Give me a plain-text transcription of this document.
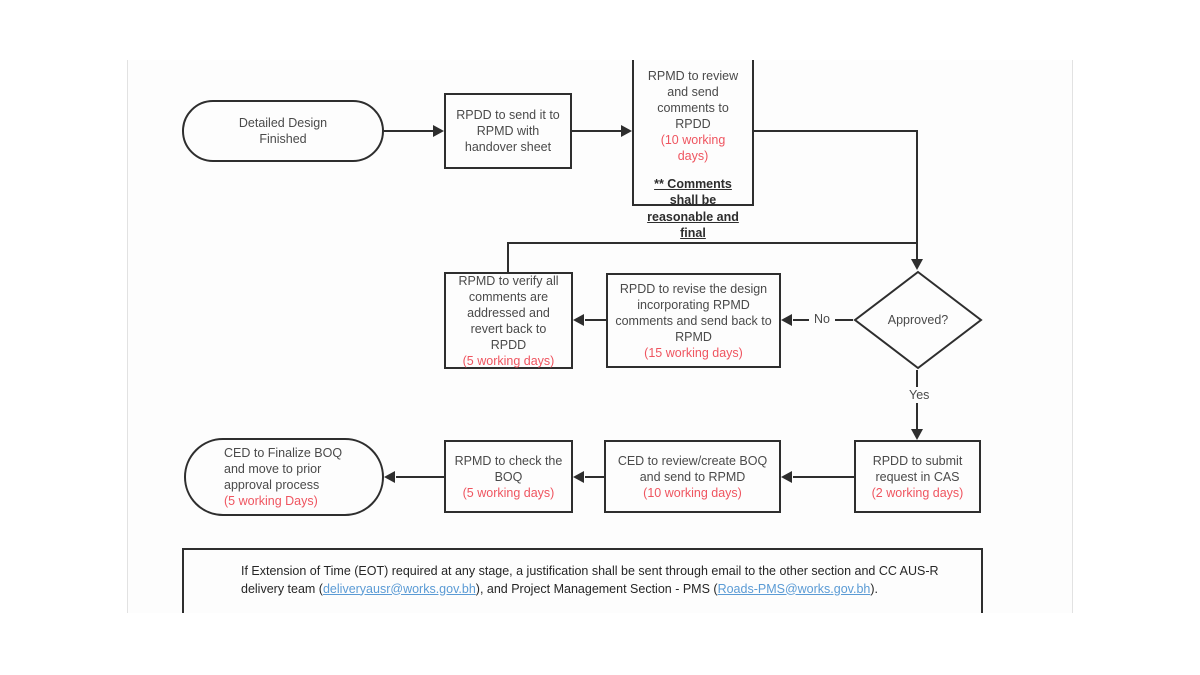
Detailed Design Finished
RPDD to send it to RPMD with handover sheet
RPMD to review and send comments to RPDD
(10 working days)
** Comments shall be reasonable and final
Approved?
No
RPDD to revise the design incorporating RPMD comments and send back to RPMD
(15 working days)
RPMD to verify all comments are addressed and revert back to RPDD
(5 working days)
Yes
RPDD to submit request in CAS
(2 working days)
CED to review/create BOQ and send to RPMD
(10 working days)
RPMD to check the BOQ
(5 working days)
CED to Finalize BOQ and move to prior approval process
(5 working Days)
If Extension of Time (EOT) required at any stage, a justification shall be sent through email to the other section and CC AUS-R delivery team (deliveryausr@works.gov.bh), and Project Management Section - PMS (Roads-PMS@works.gov.bh).
